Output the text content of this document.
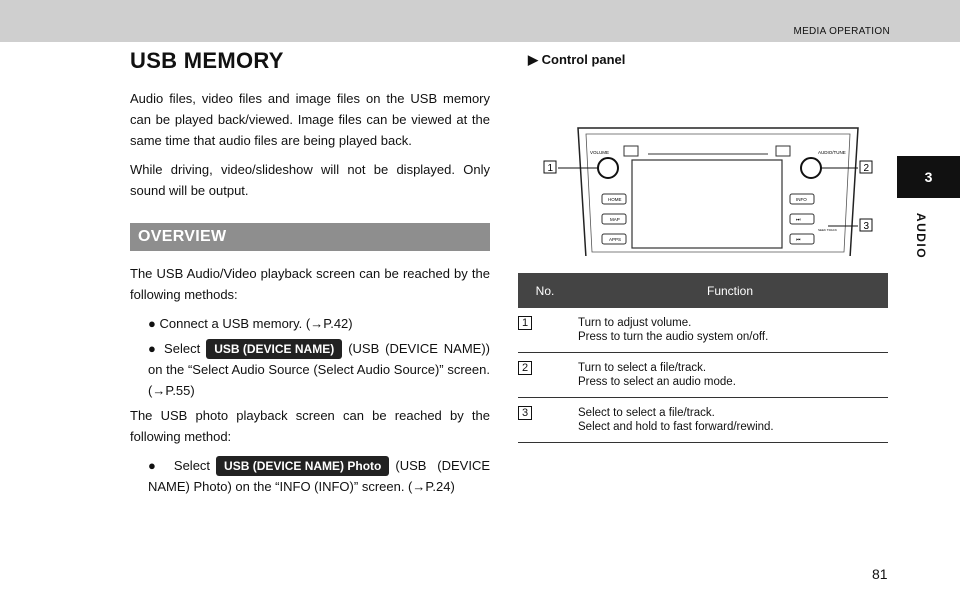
MEDIA OPERATION
3
AUDIO
USB MEMORY

Audio files, video files and image files on the USB memory can be played back/viewed. Image files can be viewed at the same time that audio files are being played back.

While driving, video/slideshow will not be displayed. Only sound will be output.

OVERVIEW

The USB Audio/Video playback screen can be reached by the following methods:

● Connect a USB memory. (→P.42)
● Select USB (DEVICE NAME) (USB (DEVICE NAME)) on the “Select Audio Source (Select Audio Source)” screen. (→P.55)

The USB photo playback screen can be reached by the following method:

● Select USB (DEVICE NAME) Photo (USB (DEVICE NAME) Photo) on the “INFO (INFO)” screen. (→P.24)
▶ Control panel
VOLUME	AUDIO/TUNE
HOME
MAP
APPS
INFO
⏭
⏮
SEEK TRACK
1	2
3
No.	Function
1	Turn to adjust volume.
Press to turn the audio system on/off.

2	Turn to select a file/track.
Press to select an audio mode.

3	Select to select a file/track.
Select and hold to fast forward/rewind.
81
